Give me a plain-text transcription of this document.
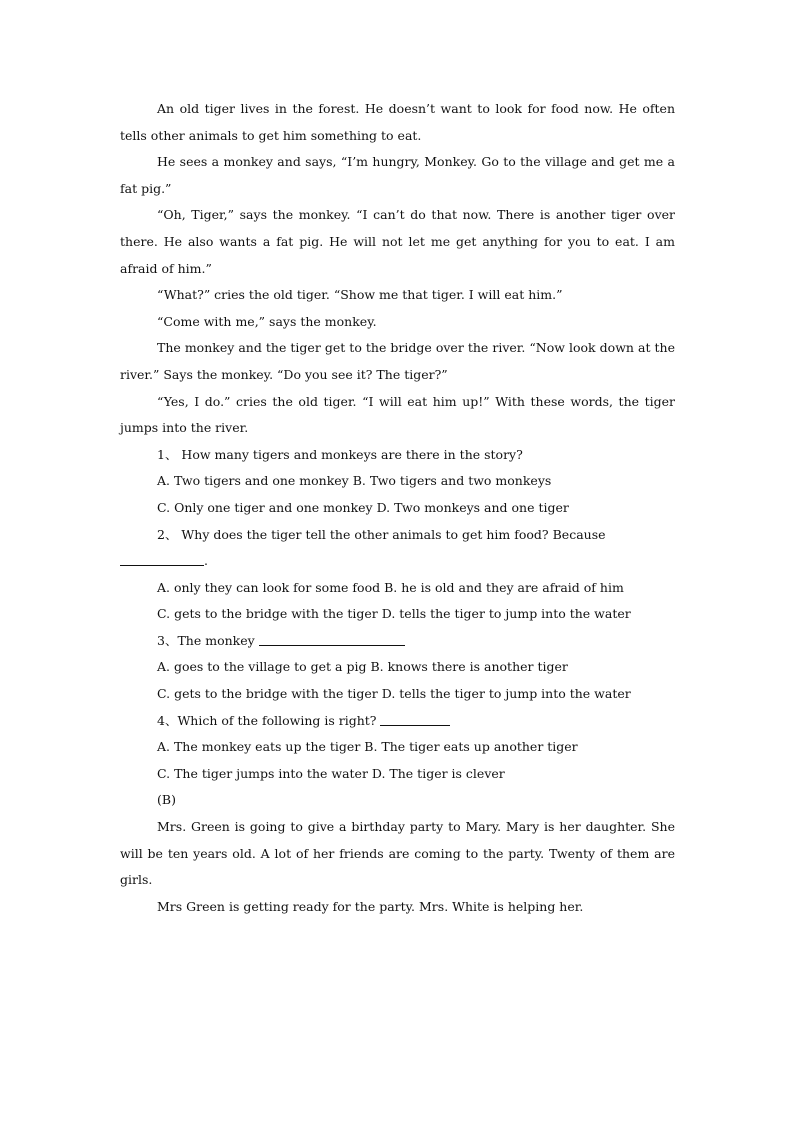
An old tiger lives in the forest. He doesn’t want to look for food now. He often tells other animals to get him something to eat.

He sees a monkey and says, “I’m hungry, Monkey. Go to the village and get me a fat pig.”

“Oh, Tiger,” says the monkey. “I can’t do that now. There is another tiger over there. He also wants a fat pig. He will not let me get anything for you to eat. I am afraid of him.”

“What?” cries the old tiger. “Show me that tiger. I will eat him.”

“Come with me,” says the monkey.

The monkey and the tiger get to the bridge over the river. “Now look down at the river.” Says the monkey. “Do you see it? The tiger?”

“Yes, I do.” cries the old tiger. “I will eat him up!” With these words, the tiger jumps into the river.

1、 How many tigers and monkeys are there in the story?

A. Two tigers and one monkey B. Two tigers and two monkeys

C. Only one tiger and one monkey D. Two monkeys and one tiger

2、 Why does the tiger tell the other animals to get him food? Because

.

A. only they can look for some food B. he is old and they are afraid of him

C. gets to the bridge with the tiger D. tells the tiger to jump into the water

3、The monkey

A. goes to the village to get a pig B. knows there is another tiger

C. gets to the bridge with the tiger D. tells the tiger to jump into the water

4、Which of the following is right?

A. The monkey eats up the tiger B. The tiger eats up another tiger

C. The tiger jumps into the water D. The tiger is clever

(B)

Mrs. Green is going to give a birthday party to Mary. Mary is her daughter. She will be ten years old. A lot of her friends are coming to the party. Twenty of them are girls.

Mrs Green is getting ready for the party. Mrs. White is helping her.
